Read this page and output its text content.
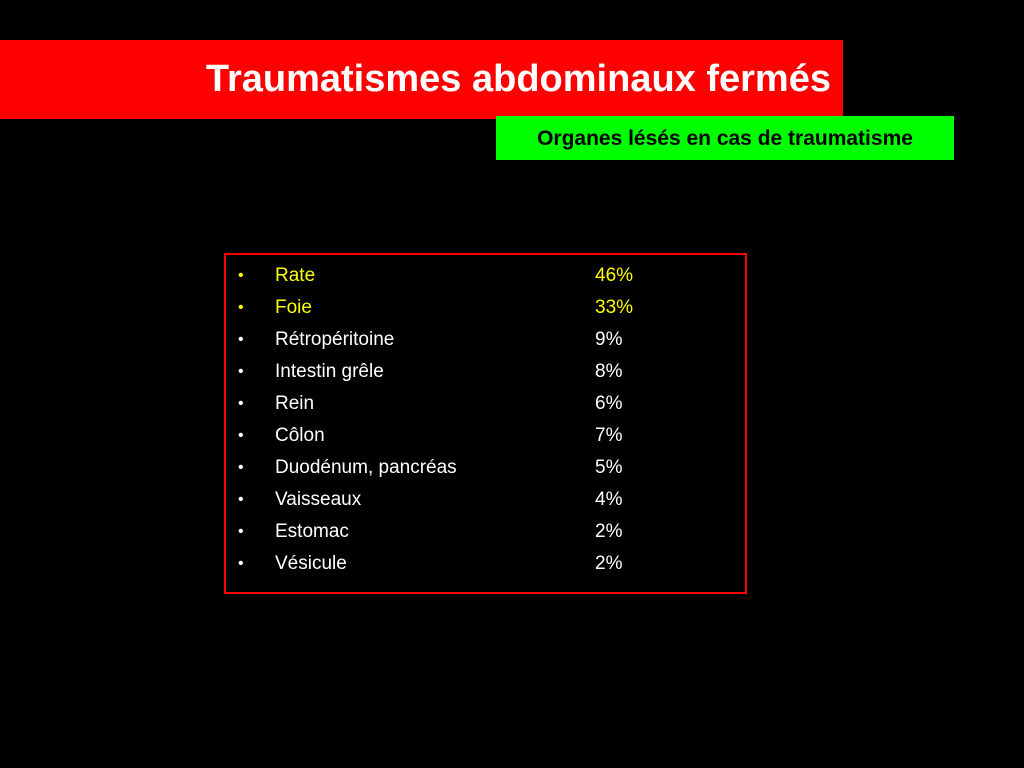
Traumatismes abdominaux fermés
Organes lésés en cas de traumatisme
• Rate	46%
• Foie	33%
• Rétropéritoine	9%
• Intestin grêle	8%
• Rein	6%
• Côlon	7%
• Duodénum, pancréas	5%
• Vaisseaux	4%
• Estomac	2%
• Vésicule	2%
